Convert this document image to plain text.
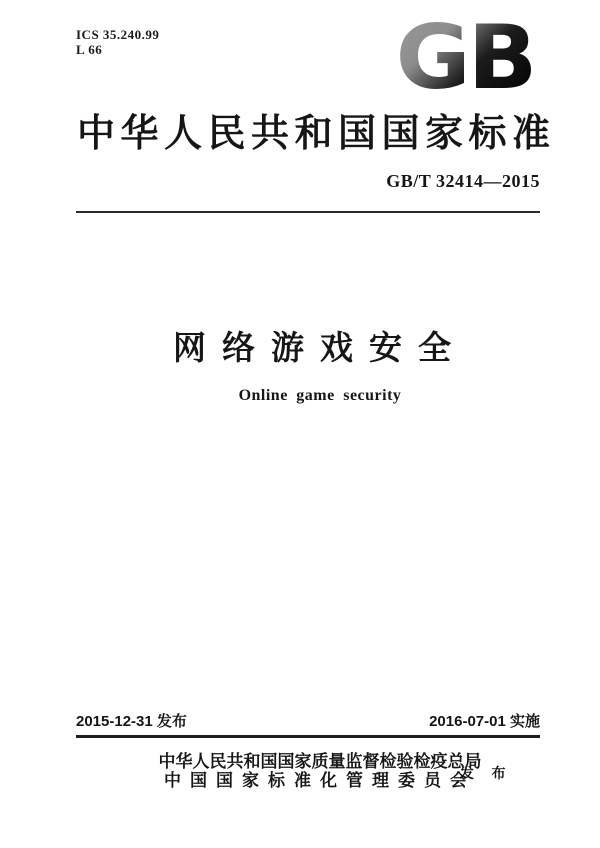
ICS 35.240.99
L 66	GB
中华人民共和国国家标准
GB/T 32414—2015
网络游戏安全
Online game security
2015-12-31 发布	2016-07-01 实施
中华人民共和国国家质量监督检验检疫总局
中国国家标准化管理委员会
发 布
